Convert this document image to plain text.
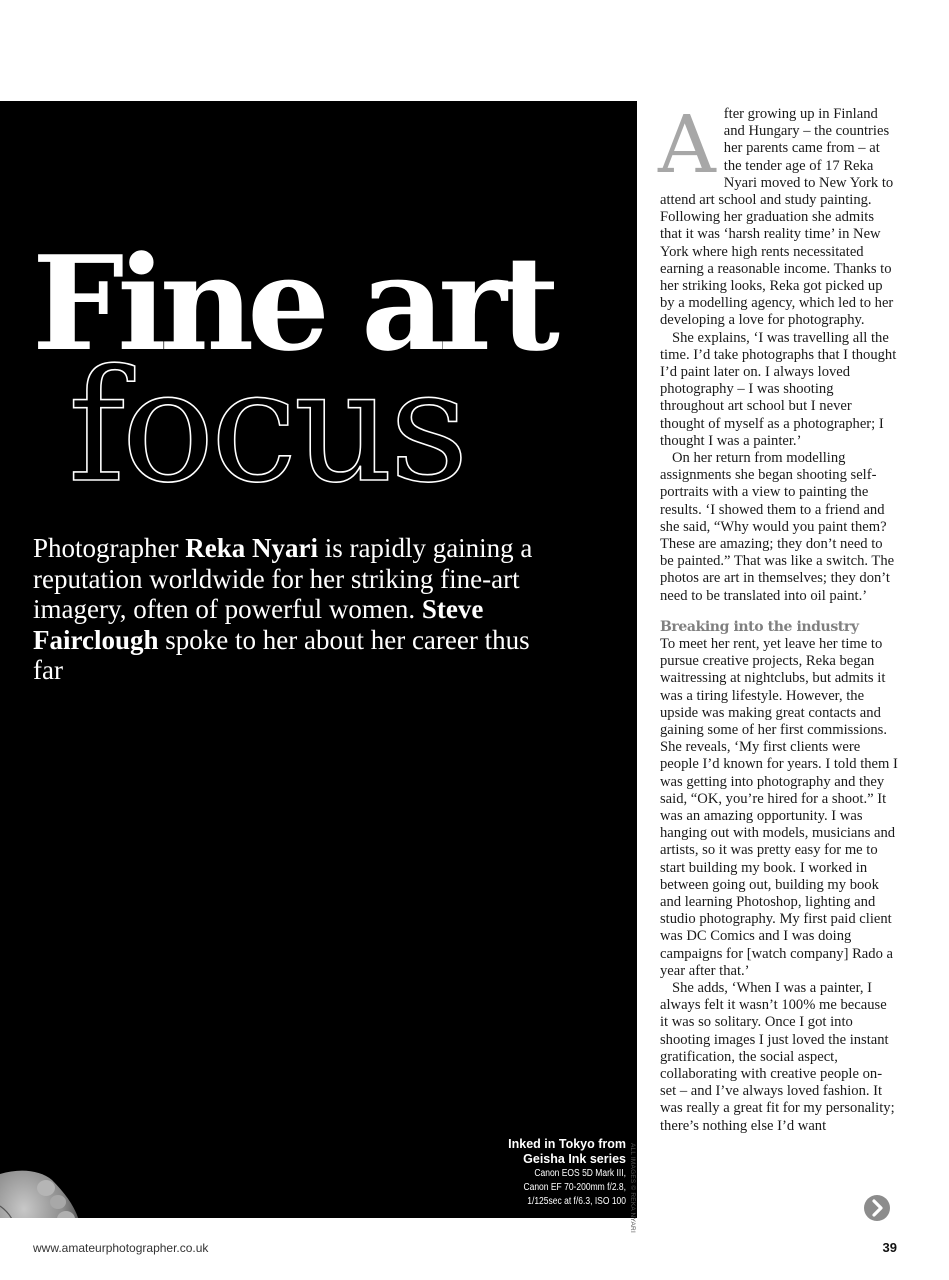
Fine art
focus
Photographer Reka Nyari is rapidly gaining a reputation worldwide for her striking fine-art imagery, often of powerful women. Steve Fairclough spoke to her about her career thus far
Inked in Tokyo from
Geisha Ink series
Canon EOS 5D Mark III,
Canon EF 70-200mm f/2.8,
1/125sec at f/6.3, ISO 100 ALL IMAGES © REKA NYARI

After growing up in Finland and Hungary – the countries her parents came from – at the tender age of 17 Reka Nyari moved to New York to attend art school and study painting. Following her graduation she admits that it was ‘harsh reality time’ in New York where high rents necessitated earning a reasonable income. Thanks to her striking looks, Reka got picked up by a modelling agency, which led to her developing a love for photography.

She explains, ‘I was travelling all the time. I’d take photographs that I thought I’d paint later on. I always loved photography – I was shooting throughout art school but I never thought of myself as a photographer; I thought I was a painter.’

On her return from modelling assignments she began shooting self-portraits with a view to painting the results. ‘I showed them to a friend and she said, “Why would you paint them? These are amazing; they don’t need to be painted.” That was like a switch. The photos are art in themselves; they don’t need to be translated into oil paint.’

Breaking into the industry

To meet her rent, yet leave her time to pursue creative projects, Reka began waitressing at nightclubs, but admits it was a tiring lifestyle. However, the upside was making great contacts and gaining some of her first commissions. She reveals, ‘My first clients were people I’d known for years. I told them I was getting into photography and they said, “OK, you’re hired for a shoot.” It was an amazing opportunity. I was hanging out with models, musicians and artists, so it was pretty easy for me to start building my book. I worked in between going out, building my book and learning Photoshop, lighting and studio photography. My first paid client was DC Comics and I was doing campaigns for [watch company] Rado a year after that.’

She adds, ‘When I was a painter, I always felt it wasn’t 100% me because it was so solitary. Once I got into shooting images I just loved the instant gratification, the social aspect, collaborating with creative people on-set – and I’ve always loved fashion. It was really a great fit for my personality; there’s nothing else I’d want

www.amateurphotographer.co.uk	39
